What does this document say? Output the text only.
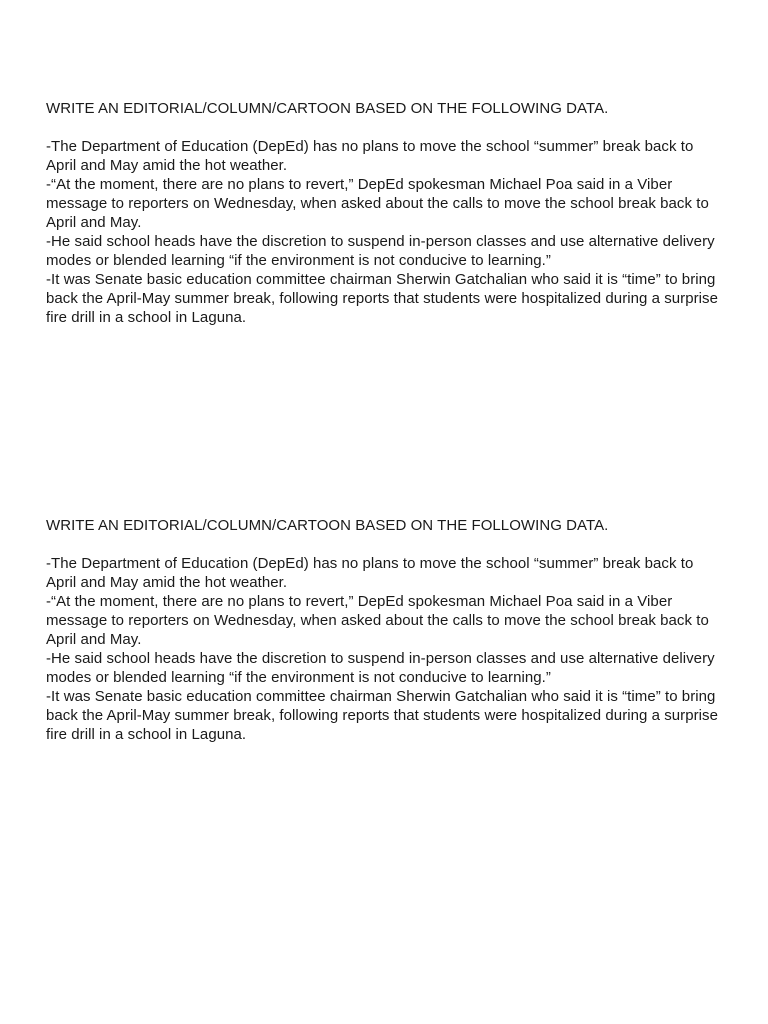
WRITE AN EDITORIAL/COLUMN/CARTOON BASED ON THE FOLLOWING DATA.

-The Department of Education (DepEd) has no plans to move the school “summer” break back to April and May amid the hot weather.

-“At the moment, there are no plans to revert,” DepEd spokesman Michael Poa said in a Viber message to reporters on Wednesday, when asked about the calls to move the school break back to April and May.

-He said school heads have the discretion to suspend in-person classes and use alternative delivery modes or blended learning “if the environment is not conducive to learning.”

-It was Senate basic education committee chairman Sherwin Gatchalian who said it is “time” to bring back the April-May summer break, following reports that students were hospitalized during a surprise fire drill in a school in Laguna.

WRITE AN EDITORIAL/COLUMN/CARTOON BASED ON THE FOLLOWING DATA.

-The Department of Education (DepEd) has no plans to move the school “summer” break back to April and May amid the hot weather.

-“At the moment, there are no plans to revert,” DepEd spokesman Michael Poa said in a Viber message to reporters on Wednesday, when asked about the calls to move the school break back to April and May.

-He said school heads have the discretion to suspend in-person classes and use alternative delivery modes or blended learning “if the environment is not conducive to learning.”

-It was Senate basic education committee chairman Sherwin Gatchalian who said it is “time” to bring back the April-May summer break, following reports that students were hospitalized during a surprise fire drill in a school in Laguna.
